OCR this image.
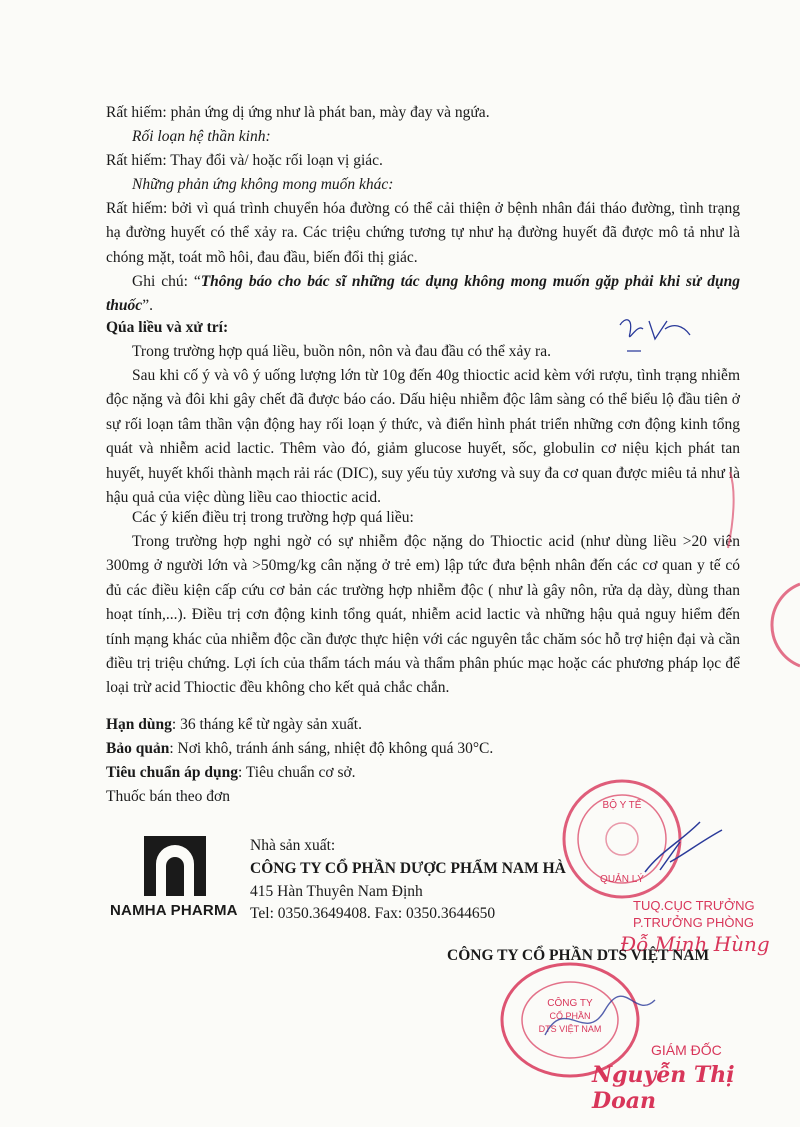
Rất hiếm: phản ứng dị ứng như là phát ban, mày đay và ngứa.
Rối loạn hệ thần kinh:
Rất hiếm: Thay đổi và/ hoặc rối loạn vị giác.
Những phản ứng không mong muốn khác:
Rất hiếm: bởi vì quá trình chuyển hóa đường có thể cải thiện ở bệnh nhân đái tháo đường, tình trạng hạ đường huyết có thể xảy ra. Các triệu chứng tương tự như hạ đường huyết đã được mô tả như là chóng mặt, toát mồ hôi, đau đầu, biến đổi thị giác.
Ghi chú: “Thông báo cho bác sĩ những tác dụng không mong muốn gặp phải khi sử dụng thuốc”.
Qúa liều và xử trí:
Trong trường hợp quá liều, buồn nôn, nôn và đau đầu có thể xảy ra.
Sau khi cố ý và vô ý uống lượng lớn từ 10g đến 40g thioctic acid kèm với rượu, tình trạng nhiễm độc nặng và đôi khi gây chết đã được báo cáo. Dấu hiệu nhiễm độc lâm sàng có thể biểu lộ đầu tiên ở sự rối loạn tâm thần vận động hay rối loạn ý thức, và điển hình phát triển những cơn động kinh tổng quát và nhiễm acid lactic. Thêm vào đó, giảm glucose huyết, sốc, globulin cơ niệu kịch phát tan huyết, huyết khối thành mạch rải rác (DIC), suy yếu tủy xương và suy đa cơ quan được miêu tả như là hậu quả của việc dùng liều cao thioctic acid.
Các ý kiến điều trị trong trường hợp quá liều:
Trong trường hợp nghi ngờ có sự nhiễm độc nặng do Thioctic acid (như dùng liều >20 viên 300mg ở người lớn và >50mg/kg cân nặng ở trẻ em) lập tức đưa bệnh nhân đến các cơ quan y tế có đủ các điều kiện cấp cứu cơ bản các trường hợp nhiễm độc ( như là gây nôn, rửa dạ dày, dùng than hoạt tính,...). Điều trị cơn động kinh tổng quát, nhiễm acid lactic và những hậu quả nguy hiểm đến tính mạng khác của nhiễm độc cần được thực hiện với các nguyên tắc chăm sóc hỗ trợ hiện đại và cần điều trị triệu chứng. Lợi ích của thẩm tách máu và thẩm phân phúc mạc hoặc các phương pháp lọc để loại trừ acid Thioctic đều không cho kết quả chắc chắn.
Hạn dùng: 36 tháng kể từ ngày sản xuất.
Bảo quản: Nơi khô, tránh ánh sáng, nhiệt độ không quá 30°C.
Tiêu chuẩn áp dụng: Tiêu chuẩn cơ sở.
Thuốc bán theo đơn
NAMHA PHARMA
Nhà sản xuất:
CÔNG TY CỔ PHẦN DƯỢC PHẨM NAM HÀ
415 Hàn Thuyên Nam Định
Tel: 0350.3649408. Fax: 0350.3644650
BỘ Y TẾ
QUẢN LÝ
TUQ.CỤC TRƯỞNG
P.TRƯỞNG PHÒNG
Đỗ Minh Hùng
CÔNG TY CỔ PHẦN DTS VIỆT NAM
CÔNG TY
CỔ PHẦN
DTS VIỆT NAM
GIÁM ĐỐC
Nguyễn Thị Doan
